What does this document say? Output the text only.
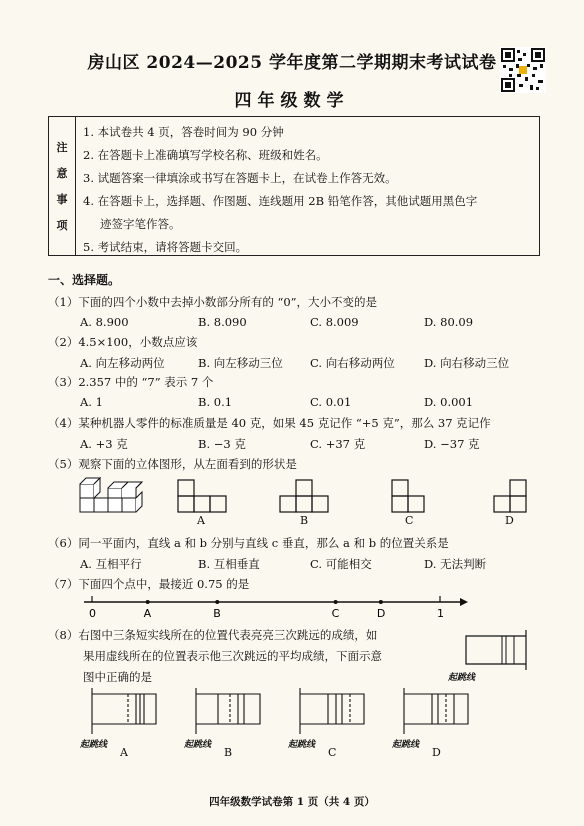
房山区 2024—2025 学年度第二学期期末考试试卷
四年级数学
注
意
事
项
1. 本试卷共 4 页，答卷时间为 90 分钟
2. 在答题卡上准确填写学校名称、班级和姓名。
3. 试题答案一律填涂或书写在答题卡上，在试卷上作答无效。
4. 在答题卡上，选择题、作图题、连线题用 2B 铅笔作答，其他试题用黑色字
迹签字笔作答。
5. 考试结束，请将答题卡交回。
一、选择题。
（1）下面的四个小数中去掉小数部分所有的 “0”，大小不变的是
A. 8.900	B. 8.090	C. 8.009	D. 80.09
（2）4.5×100，小数点应该
A. 向左移动两位	B. 向左移动三位 C. 向右移动两位	D. 向右移动三位
（3）2.357 中的 “7” 表示 7 个
A. 1	B. 0.1	C. 0.01	D. 0.001
（4）某种机器人零件的标准质量是 40 克，如果 45 克记作 “+5 克”，那么 37 克记作
A. +3 克	B. −3 克	C. +37 克	D. −37 克
（5）观察下面的立体图形，从左面看到的形状是
A	B	C	D
（6）同一平面内，直线 a 和 b 分别与直线 c 垂直，那么 a 和 b 的位置关系是
A. 互相平行	B. 互相垂直	C. 可能相交	D. 无法判断
（7）下面四个点中，最接近 0.75 的是
0	1
A	B	C	D
（8）右图中三条短实线所在的位置代表亮亮三次跳远的成绩，如
果用虚线所在的位置表示他三次跳远的平均成绩，下面示意
图中正确的是	起跳线
起跳线	起跳线	起跳线	起跳线
A	B	C	D
四年级数学试卷第 1 页（共 4 页）
